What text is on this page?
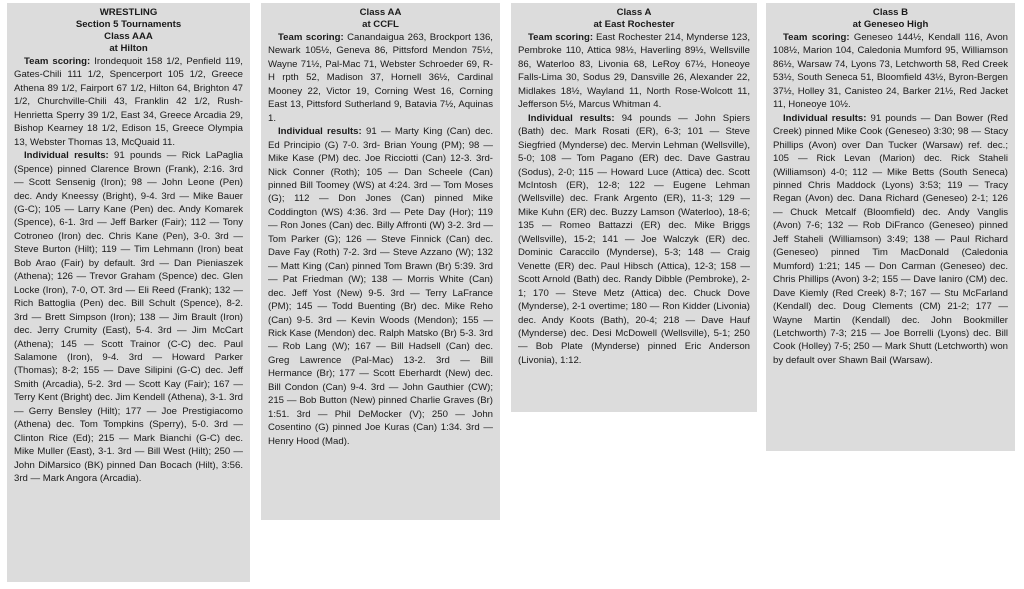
WRESTLING
Section 5 Tournaments
Class AAA
at Hilton

Team scoring: Irondequoit 158 1/2, Penfield 119, Gates-Chili 111 1/2, Spencerport 105 1/2, Greece Athena 89 1/2, Fairport 67 1/2, Hilton 64, Brighton 47 1/2, Churchville-Chili 43, Franklin 42 1/2, Rush-Henrietta Sperry 39 1/2, East 34, Greece Arcadia 29, Bishop Kearney 18 1/2, Edison 15, Greece Olympia 13, Webster Thomas 13, McQuaid 11.

Individual results: 91 pounds — Rick LaPaglia (Spence) pinned Clarence Brown (Frank), 2:16. 3rd — Scott Sensenig (Iron); 98 — John Leone (Pen) dec. Andy Kneessy (Bright), 9-4. 3rd — Mike Bauer (G-C); 105 — Larry Kane (Pen) dec. Andy Komarek (Spence), 6-1. 3rd — Jeff Barker (Fair); 112 — Tony Cotroneo (Iron) dec. Chris Kane (Pen), 3-0. 3rd — Steve Burton (Hilt); 119 — Tim Lehmann (Iron) beat Bob Arao (Fair) by default. 3rd — Dan Pieniaszek (Athena); 126 — Trevor Graham (Spence) dec. Glen Locke (Iron), 7-0, OT. 3rd — Eli Reed (Frank); 132 — Rich Battoglia (Pen) dec. Bill Schult (Spence), 8-2. 3rd — Brett Simpson (Iron); 138 — Jim Brault (Iron) dec. Jerry Crumity (East), 5-4. 3rd — Jim McCart (Athena); 145 — Scott Trainor (C-C) dec. Paul Salamone (Iron), 9-4. 3rd — Howard Parker (Thomas); 8-2; 155 — Dave Silipini (G-C) dec. Jeff Smith (Arcadia), 5-2. 3rd — Scott Kay (Fair); 167 — Terry Kent (Bright) dec. Jim Kendell (Athena), 3-1. 3rd — Gerry Bensley (Hilt); 177 — Joe Prestigiacomo (Athena) dec. Tom Tompkins (Sperry), 5-0. 3rd — Clinton Rice (Ed); 215 — Mark Bianchi (G-C) dec. Mike Muller (East), 3-1. 3rd — Bill West (Hilt); 250 — John DiMarsico (BK) pinned Dan Bocach (Hilt), 3:56. 3rd — Mark Angora (Arcadia).

Class AA
at CCFL

Team scoring: Canandaigua 263, Brockport 136, Newark 105½, Geneva 86, Pittsford Mendon 75½, Wayne 71½, Pal-Mac 71, Webster Schroeder 69, R-H rpth 52, Madison 37, Hornell 36½, Cardinal Mooney 22, Victor 19, Corning West 16, Corning East 13, Pittsford Sutherland 9, Batavia 7½, Aquinas 1.

Individual results: 91 — Marty King (Can) dec. Ed Principio (G) 7-0. 3rd- Brian Young (PM); 98 — Mike Kase (PM) dec. Joe Ricciotti (Can) 12-3. 3rd- Nick Conner (Roth); 105 — Dan Scheele (Can) pinned Bill Toomey (WS) at 4:24. 3rd — Tom Moses (G); 112 — Don Jones (Can) pinned Mike Coddington (WS) 4:36. 3rd — Pete Day (Hor); 119 — Ron Jones (Can) dec. Billy Affronti (W) 3-2. 3rd — Tom Parker (G); 126 — Steve Finnick (Can) dec. Dave Fay (Roth) 7-2. 3rd — Steve Azzano (W); 132 — Matt King (Can) pinned Tom Brawn (Br) 5:39. 3rd — Pat Friedman (W); 138 — Morris White (Can) dec. Jeff Yost (New) 9-5. 3rd — Terry LaFrance (PM); 145 — Todd Buenting (Br) dec. Mike Reho (Can) 9-5. 3rd — Kevin Woods (Mendon); 155 — Rick Kase (Mendon) dec. Ralph Matsko (Br) 5-3. 3rd — Rob Lang (W); 167 — Bill Hadsell (Can) dec. Greg Lawrence (Pal-Mac) 13-2. 3rd — Bill Hermance (Br); 177 — Scott Eberhardt (New) dec. Bill Condon (Can) 9-4. 3rd — John Gauthier (CW); 215 — Bob Button (New) pinned Charlie Graves (Br) 1:51. 3rd — Phil DeMocker (V); 250 — John Cosentino (G) pinned Joe Kuras (Can) 1:34. 3rd — Henry Hood (Mad).

Class A
at East Rochester

Team scoring: East Rochester 214, Mynderse 123, Pembroke 110, Attica 98½, Haverling 89½, Wellsville 86, Waterloo 83, Livonia 68, LeRoy 67½, Honeoye Falls-Lima 30, Sodus 29, Dansville 26, Alexander 22, Midlakes 18½, Wayland 11, North Rose-Wolcott 11, Jefferson 5½, Marcus Whitman 4.

Individual results: 94 pounds — John Spiers (Bath) dec. Mark Rosati (ER), 6-3; 101 — Steve Siegfried (Mynderse) dec. Mervin Lehman (Wellsville), 5-0; 108 — Tom Pagano (ER) dec. Dave Gastrau (Sodus), 2-0; 115 — Howard Luce (Attica) dec. Scott McIntosh (ER), 12-8; 122 — Eugene Lehman (Wellsville) dec. Frank Argento (ER), 11-3; 129 — Mike Kuhn (ER) dec. Buzzy Lamson (Waterloo), 18-6; 135 — Romeo Battazzi (ER) dec. Mike Briggs (Wellsville), 15-2; 141 — Joe Walczyk (ER) dec. Dominic Caraccilo (Mynderse), 5-3; 148 — Craig Venette (ER) dec. Paul Hibsch (Attica), 12-3; 158 — Scott Arnold (Bath) dec. Randy Dibble (Pembroke), 2-1; 170 — Steve Metz (Attica) dec. Chuck Dove (Mynderse), 2-1 overtime; 180 — Ron Kidder (Livonia) dec. Andy Koots (Bath), 20-4; 218 — Dave Hauf (Mynderse) dec. Desi McDowell (Wellsville), 5-1; 250 — Bob Plate (Mynderse) pinned Eric Anderson (Livonia), 1:12.

Class B
at Geneseo High

Team scoring: Geneseo 144½, Kendall 116, Avon 108½, Marion 104, Caledonia Mumford 95, Williamson 86½, Warsaw 74, Lyons 73, Letchworth 58, Red Creek 53½, South Seneca 51, Bloomfield 43½, Byron-Bergen 37½, Holley 31, Canisteo 24, Barker 21½, Red Jacket 11, Honeoye 10½.

Individual results: 91 pounds — Dan Bower (Red Creek) pinned Mike Cook (Geneseo) 3:30; 98 — Stacy Phillips (Avon) over Dan Tucker (Warsaw) ref. dec.; 105 — Rick Levan (Marion) dec. Rick Staheli (Williamson) 4-0; 112 — Mike Betts (South Seneca) pinned Chris Maddock (Lyons) 3:53; 119 — Tracy Regan (Avon) dec. Dana Richard (Geneseo) 2-1; 126 — Chuck Metcalf (Bloomfield) dec. Andy Vanglis (Avon) 7-6; 132 — Rob DiFranco (Geneseo) pinned Jeff Staheli (Williamson) 3:49; 138 — Paul Richard (Geneseo) pinned Tim MacDonald (Caledonia Mumford) 1:21; 145 — Don Carman (Geneseo) dec. Chris Phillips (Avon) 3-2; 155 — Dave Ianiro (CM) dec. Dave Kiemly (Red Creek) 8-7; 167 — Stu McFarland (Kendall) dec. Doug Clements (CM) 21-2; 177 — Wayne Martin (Kendall) dec. John Bookmiller (Letchworth) 7-3; 215 — Joe Borrelli (Lyons) dec. Bill Cook (Holley) 7-5; 250 — Mark Shutt (Letchworth) won by default over Shawn Bail (Warsaw).
